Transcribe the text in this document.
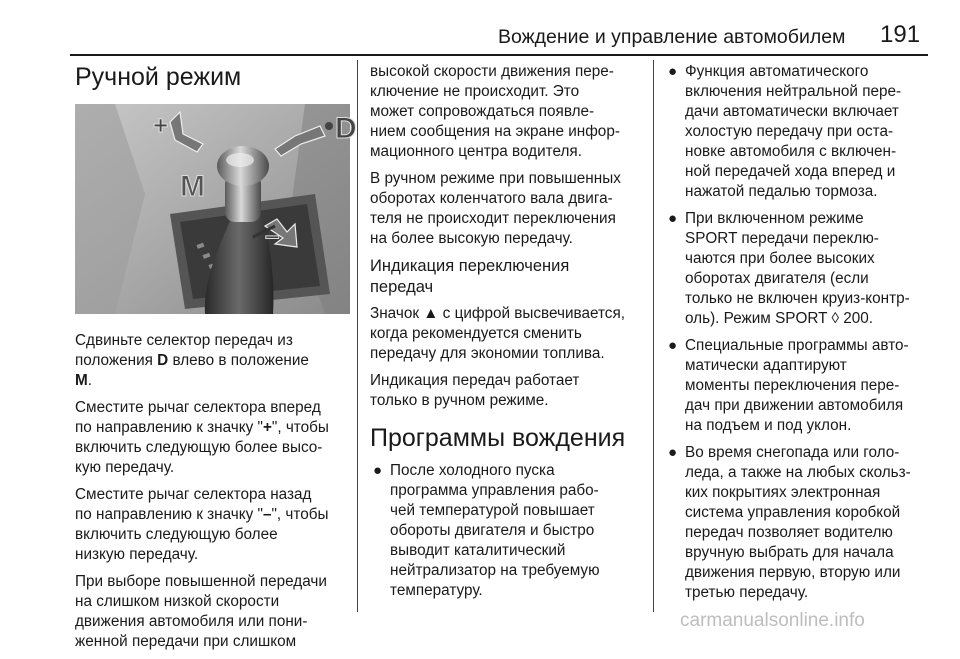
Вождение и управление автомобилем 191
Ручной режим
+
–
D
M
Сдвиньте селектор передач из
положения D влево в положение
M.
Сместите рычаг селектора вперед
по направлению к значку "+", чтобы
включить следующую более высо‑
кую передачу.
Сместите рычаг селектора назад
по направлению к значку "–", чтобы
включить следующую более
низкую передачу.
При выборе повышенной передачи
на слишком низкой скорости
движения автомобиля или пони‑
женной передачи при слишком
высокой скорости движения пере‑
ключение не происходит. Это
может сопровождаться появле‑
нием сообщения на экране инфор‑
мационного центра водителя.
В ручном режиме при повышенных
оборотах коленчатого вала двига‑
теля не происходит переключения
на более высокую передачу.
Индикация переключения
передач
Значок ▲ с цифрой высвечивается,
когда рекомендуется сменить
передачу для экономии топлива.
Индикация передач работает
только в ручном режиме.
Программы вождения
● После холодного пуска
программа управления рабо‑
чей температурой повышает
обороты двигателя и быстро
выводит каталитический
нейтрализатор на требуемую
температуру.
● Функция автоматического
включения нейтральной пере‑
дачи автоматически включает
холостую передачу при оста‑
новке автомобиля с включен‑
ной передачей хода вперед и
нажатой педалью тормоза.
● При включенном режиме
SPORT передачи переклю‑
чаются при более высоких
оборотах двигателя (если
только не включен круиз‑контр‑
оль). Режим SPORT ◊ 200.
● Специальные программы авто‑
матически адаптируют
моменты переключения пере‑
дач при движении автомобиля
на подъем и под уклон.
● Во время снегопада или голо‑
леда, а также на любых скольз‑
ких покрытиях электронная
система управления коробкой
передач позволяет водителю
вручную выбрать для начала
движения первую, вторую или
третью передачу.
carmanualsonline.info
